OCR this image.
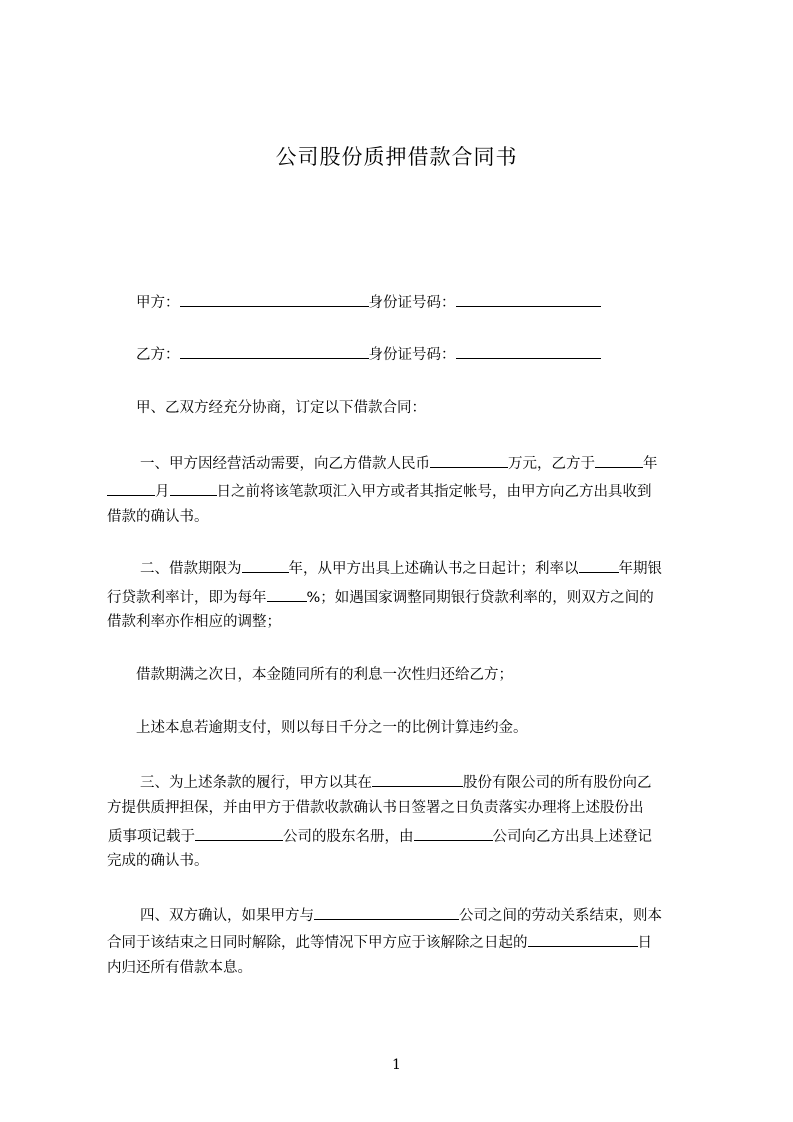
公司股份质押借款合同书
甲方：	身份证号码：
乙方：	身份证号码：
甲、乙双方经充分协商，订定以下借款合同：
一、甲方因经营活动需要，向乙方借款人民币	万元，乙方于	年
月	日之前将该笔款项汇入甲方或者其指定帐号，由甲方向乙方出具收到
借款的确认书。
二、借款期限为	年，从甲方出具上述确认书之日起计；利率以	年期银
行贷款利率计，即为每年	%；如遇国家调整同期银行贷款利率的，则双方之间的
借款利率亦作相应的调整；
借款期满之次日，本金随同所有的利息一次性归还给乙方；
上述本息若逾期支付，则以每日千分之一的比例计算违约金。
三、为上述条款的履行，甲方以其在	股份有限公司的所有股份向乙
方提供质押担保，并由甲方于借款收款确认书日签署之日负责落实办理将上述股份出
质事项记载于	公司的股东名册，由	公司向乙方出具上述登记
完成的确认书。
四、双方确认，如果甲方与	公司之间的劳动关系结束，则本
合同于该结束之日同时解除，此等情况下甲方应于该解除之日起的	日
内归还所有借款本息。
1
